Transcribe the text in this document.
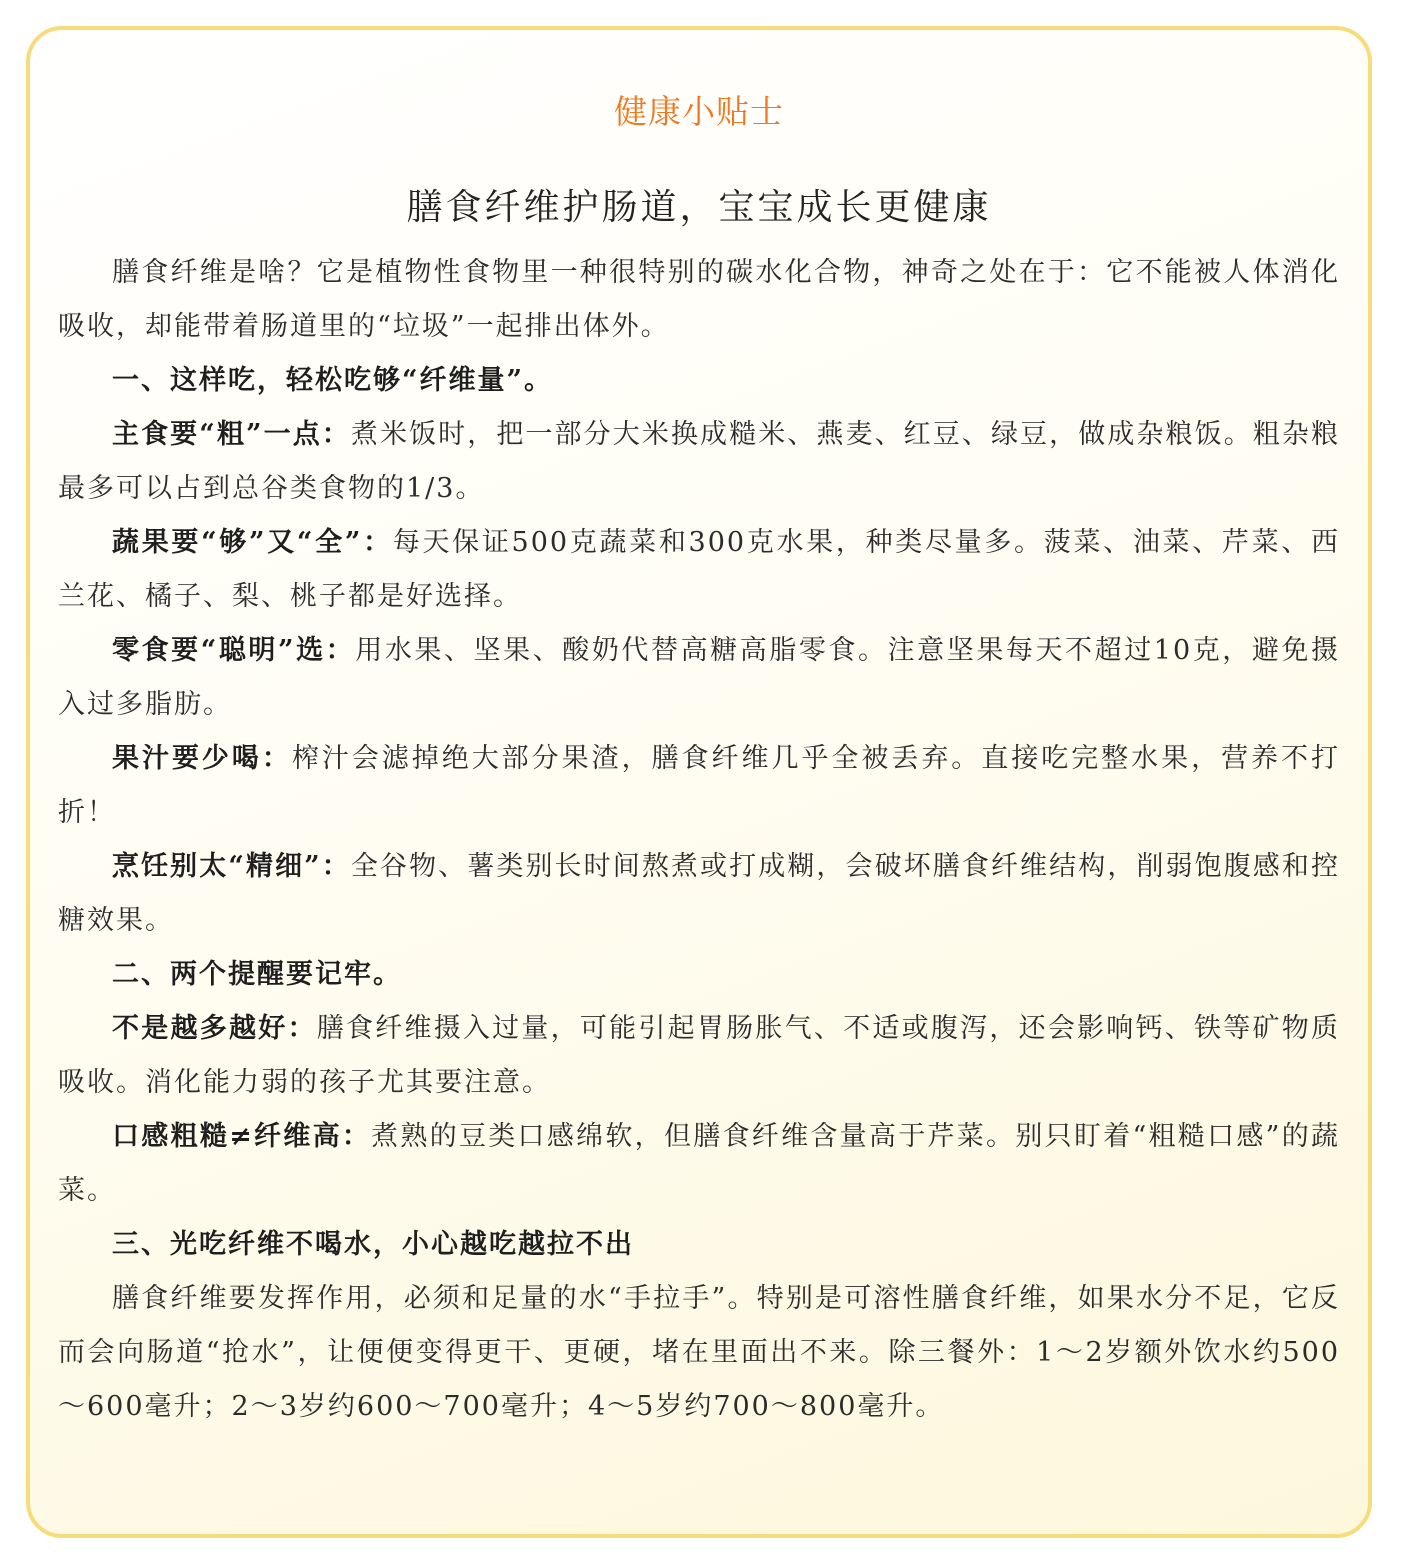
健康小贴士
膳食纤维护肠道，宝宝成长更健康

膳食纤维是啥？它是植物性食物里一种很特别的碳水化合物，神奇之处在于：它不能被人体消化吸收，却能带着肠道里的“垃圾”一起排出体外。

一、这样吃，轻松吃够“纤维量”。

主食要“粗”一点：煮米饭时，把一部分大米换成糙米、燕麦、红豆、绿豆，做成杂粮饭。粗杂粮最多可以占到总谷类食物的1/3。

蔬果要“够”又“全”：每天保证500克蔬菜和300克水果，种类尽量多。菠菜、油菜、芹菜、西兰花、橘子、梨、桃子都是好选择。

零食要“聪明”选：用水果、坚果、酸奶代替高糖高脂零食。注意坚果每天不超过10克，避免摄入过多脂肪。

果汁要少喝：榨汁会滤掉绝大部分果渣，膳食纤维几乎全被丢弃。直接吃完整水果，营养不打折！

烹饪别太“精细”：全谷物、薯类别长时间熬煮或打成糊，会破坏膳食纤维结构，削弱饱腹感和控糖效果。

二、两个提醒要记牢。

不是越多越好：膳食纤维摄入过量，可能引起胃肠胀气、不适或腹泻，还会影响钙、铁等矿物质吸收。消化能力弱的孩子尤其要注意。

口感粗糙≠纤维高：煮熟的豆类口感绵软，但膳食纤维含量高于芹菜。别只盯着“粗糙口感”的蔬菜。

三、光吃纤维不喝水，小心越吃越拉不出

膳食纤维要发挥作用，必须和足量的水“手拉手”。特别是可溶性膳食纤维，如果水分不足，它反而会向肠道“抢水”，让便便变得更干、更硬，堵在里面出不来。除三餐外：1～2岁额外饮水约500～600毫升；2～3岁约600～700毫升；4～5岁约700～800毫升。
